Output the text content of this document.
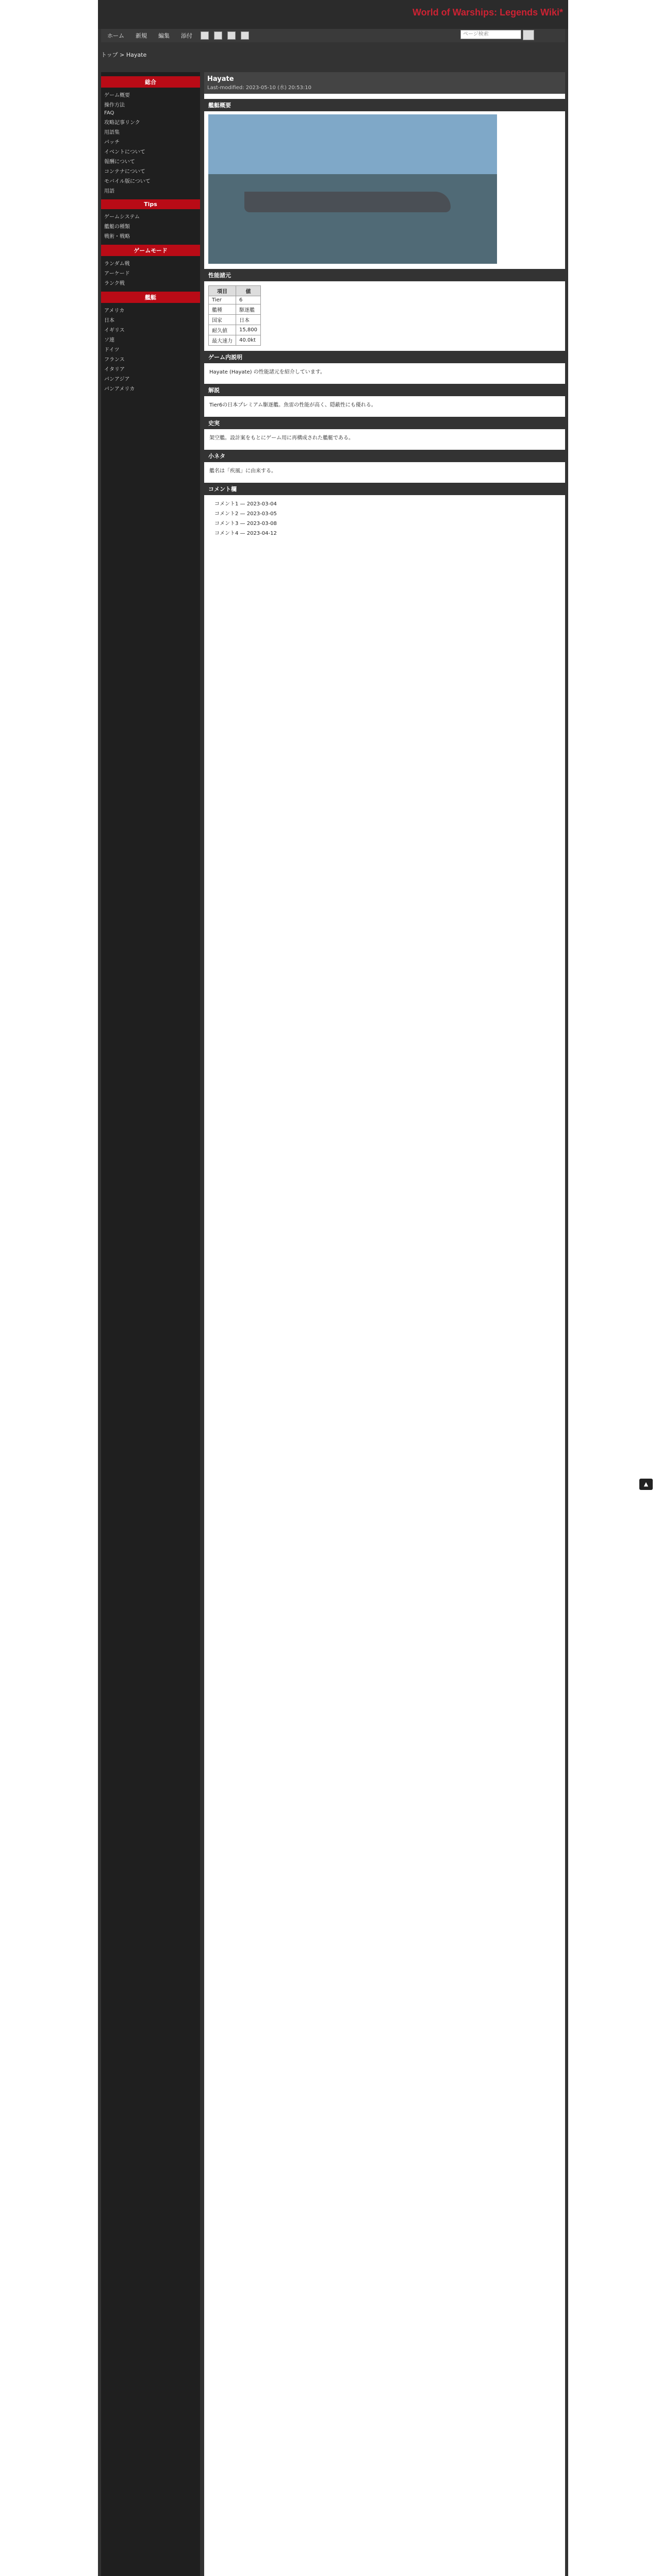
World of Warships: Legends Wiki*
ホーム	新規	編集	添付	ページ検索
トップ > Hayate
総合
ゲーム概要
操作方法
FAQ
攻略記事リンク
用語集
パッチ
イベントについて
報酬について
コンテナについて
モバイル版について
用語
Tips
ゲームシステム
艦艇の種類
戦術・戦略
ゲームモード
ランダム戦
アーケード
ランク戦
艦艇
アメリカ
日本
イギリス
ソ連
ドイツ
フランス
イタリア
パンアジア
パンアメリカ
Hayate
Last-modified: 2023-05-10 (水) 20:53:10
艦艇概要
性能諸元
項目	値
Tier	6
艦種	駆逐艦
国家	日本
耐久値	15,800
最大速力	40.0kt
ゲーム内説明
Hayate (Hayate) の性能諸元を紹介しています。
解説
Tier6の日本プレミアム駆逐艦。魚雷の性能が高く、隠蔽性にも優れる。
史実
架空艦。設計案をもとにゲーム用に再構成された艦艇である。
小ネタ
艦名は「疾風」に由来する。
コメント欄
コメント1 — 2023-03-04
コメント2 — 2023-03-05
コメント3 — 2023-03-08
コメント4 — 2023-04-12
▲
